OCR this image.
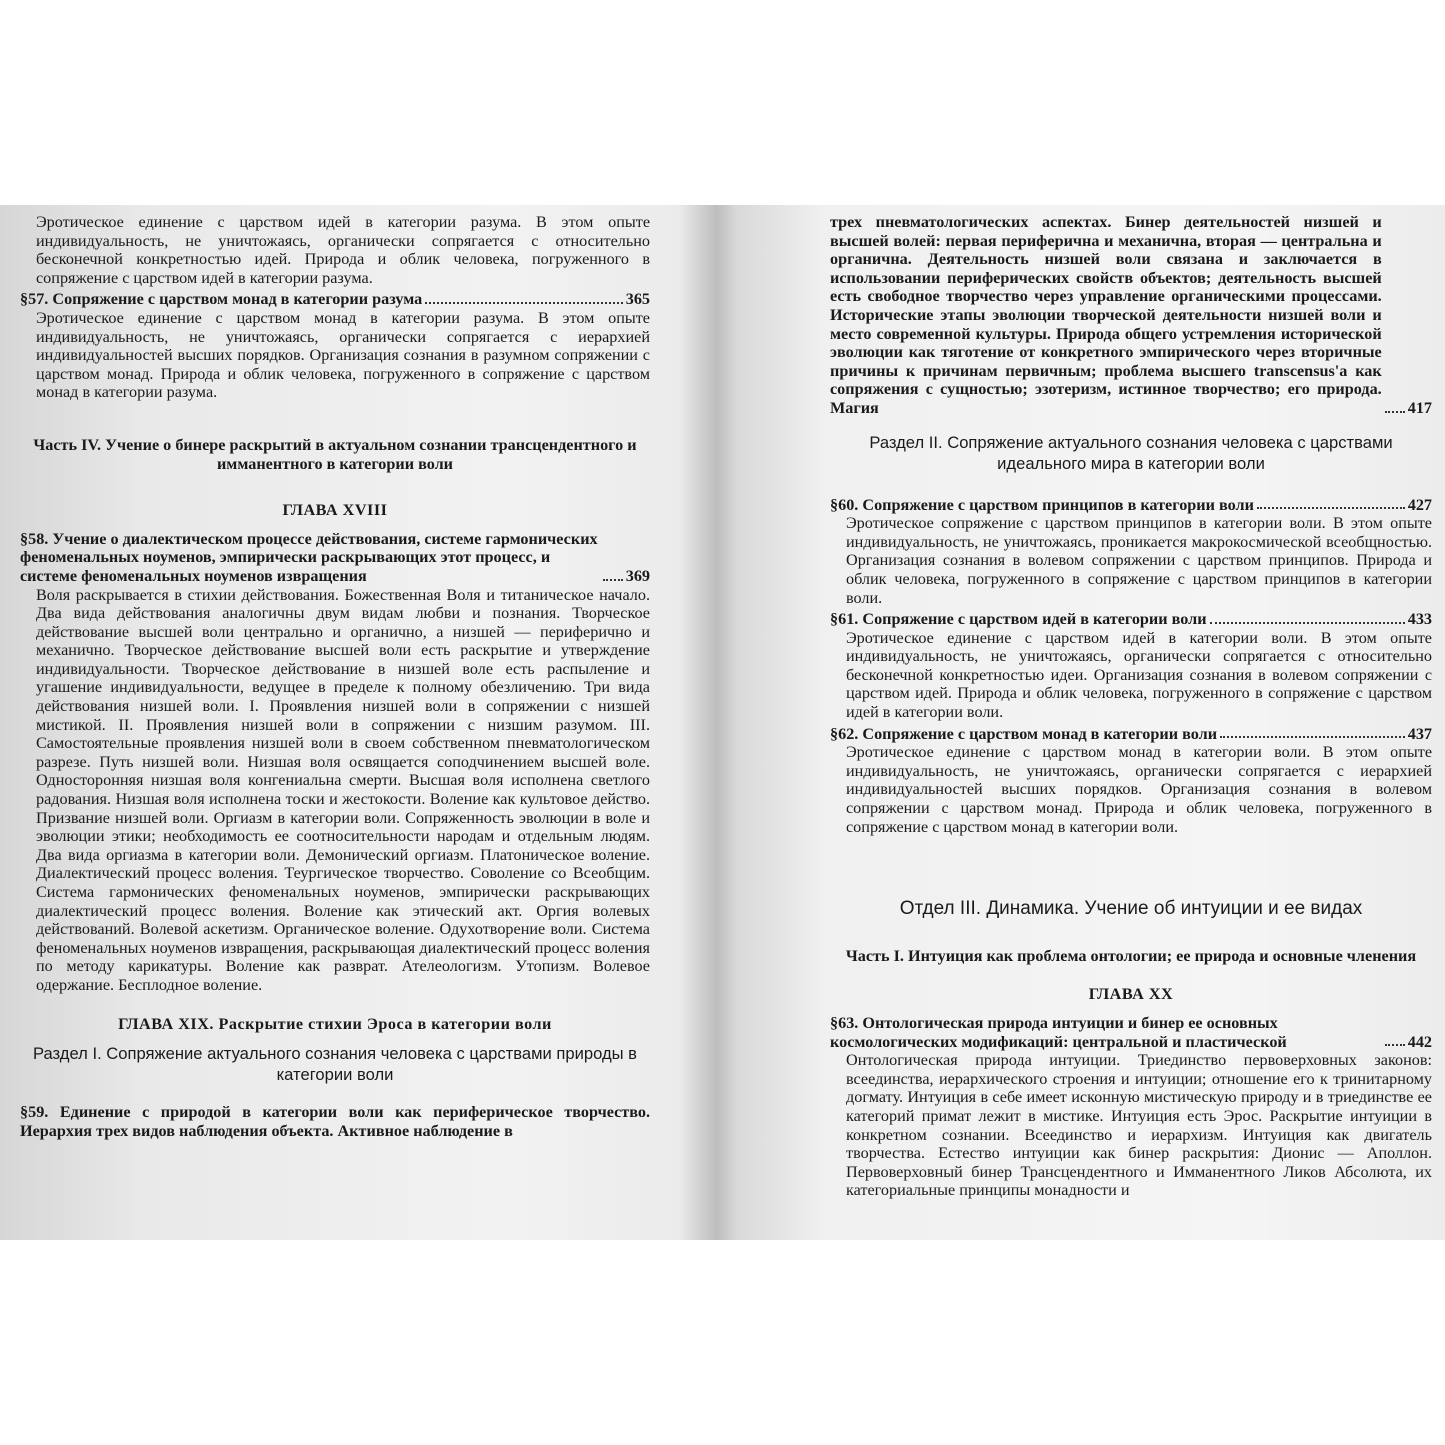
Эротическое единение с царством идей в категории разума. В этом опыте индивидуальность, не уничтожаясь, органически сопрягается с относительно бесконечной конкретностью идей. Природа и облик человека, погруженного в сопряжение с царством идей в категории разума.

§57. Сопряжение с царством монад в категории разума	365

Эротическое единение с царством монад в категории разума. В этом опыте индивидуальность, не уничтожаясь, органически сопрягается с иерархией индивидуальностей высших порядков. Организация сознания в разумном сопряжении с царством монад. Природа и облик человека, погруженного в сопряжение с царством монад в категории разума.

Часть IV. Учение о бинере раскрытий в актуальном сознании трансцендентного и имманентного в категории воли
ГЛАВА XVIII
§58. Учение о диалектическом процессе действования, системе гармонических феноменальных ноуменов, эмпирически раскрывающих этот процесс, и системе феноменальных ноуменов извращения	369

Воля раскрывается в стихии действования. Божественная Воля и титаническое начало. Два вида действования аналогичны двум видам любви и познания. Творческое действование высшей воли центрально и органично, а низшей — периферично и механично. Творческое действование высшей воли есть раскрытие и утверждение индивидуальности. Творческое действование в низшей воле есть распыление и угашение индивидуальности, ведущее в пределе к полному обезличению. Три вида действования низшей воли. I. Проявления низшей воли в сопряжении с низшей мистикой. II. Проявления низшей воли в сопряжении с низшим разумом. III. Самостоятельные проявления низшей воли в своем собственном пневматологическом разрезе. Путь низшей воли. Низшая воля освящается соподчинением высшей воле. Односторонняя низшая воля конгениальна смерти. Высшая воля исполнена светлого радования. Низшая воля исполнена тоски и жестокости. Воление как культовое действо. Призвание низшей воли. Оргиазм в категории воли. Сопряженность эволюции в воле и эволюции этики; необходимость ее соотносительности народам и отдельным людям. Два вида оргиазма в категории воли. Демонический оргиазм. Платоническое воление. Диалектический процесс воления. Теургическое творчество. Соволение со Всеобщим. Система гармонических феноменальных ноуменов, эмпирически раскрывающих диалектический процесс воления. Воление как этический акт. Оргия волевых действований. Волевой аскетизм. Органическое воление. Одухотворение воли. Система феноменальных ноуменов извращения, раскрывающая диалектический процесс воления по методу карикатуры. Воление как разврат. Ателеологизм. Утопизм. Волевое одержание. Бесплодное воление.

ГЛАВА XIX. Раскрытие стихии Эроса в категории воли
Раздел I. Сопряжение актуального сознания человека с царствами природы в категории воли
§59. Единение с природой в категории воли как периферическое творчество. Иерархия трех видов наблюдения объекта. Активное наблюдение в
трех пневматологических аспектах. Бинер деятельностей низшей и высшей волей: первая периферична и механична, вторая — центральна и органична. Деятельность низшей воли связана и заключается в использовании периферических свойств объектов; деятельность высшей есть свободное творчество через управление органическими процессами. Исторические этапы эволюции творческой деятельности низшей воли и место современной культуры. Природа общего устремления исторической эволюции как тяготение от конкретного эмпирического через вторичные причины к причинам первичным; проблема высшего transcensus'а как сопряжения с сущностью; эзотеризм, истинное творчество; его природа. Магия	417
Раздел II. Сопряжение актуального сознания человека с царствами идеального мира в категории воли
§60. Сопряжение с царством принципов в категории воли	427

Эротическое сопряжение с царством принципов в категории воли. В этом опыте индивидуальность, не уничтожаясь, проникается макрокосмической всеобщностью. Организация сознания в волевом сопряжении с царством принципов. Природа и облик человека, погруженного в сопряжение с царством принципов в категории воли.

§61. Сопряжение с царством идей в категории воли	433

Эротическое единение с царством идей в категории воли. В этом опыте индивидуальность, не уничтожаясь, органически сопрягается с относительно бесконечной конкретностью идеи. Организация сознания в волевом сопряжении с царством идей. Природа и облик человека, погруженного в сопряжение с царством идей в категории воли.

§62. Сопряжение с царством монад в категории воли	437

Эротическое единение с царством монад в категории воли. В этом опыте индивидуальность, не уничтожаясь, органически сопрягается с иерархией индивидуальностей высших порядков. Организация сознания в волевом сопряжении с царством монад. Природа и облик человека, погруженного в сопряжение с царством монад в категории воли.

Отдел III. Динамика. Учение об интуиции и ее видах
Часть I. Интуиция как проблема онтологии; ее природа и основные членения
ГЛАВА XX
§63. Онтологическая природа интуиции и бинер ее основных космологических модификаций: центральной и пластической	442

Онтологическая природа интуиции. Триединство первоверховных законов: всеединства, иерархического строения и интуиции; отношение его к тринитарному догмату. Интуиция в себе имеет исконную мистическую природу и в триединстве ее категорий примат лежит в мистике. Интуиция есть Эрос. Раскрытие интуиции в конкретном сознании. Всеединство и иерархизм. Интуиция как двигатель творчества. Естество интуиции как бинер раскрытия: Дионис — Аполлон. Первоверховный бинер Трансцендентного и Имманентного Ликов Абсолюта, их категориальные принципы монадности и
